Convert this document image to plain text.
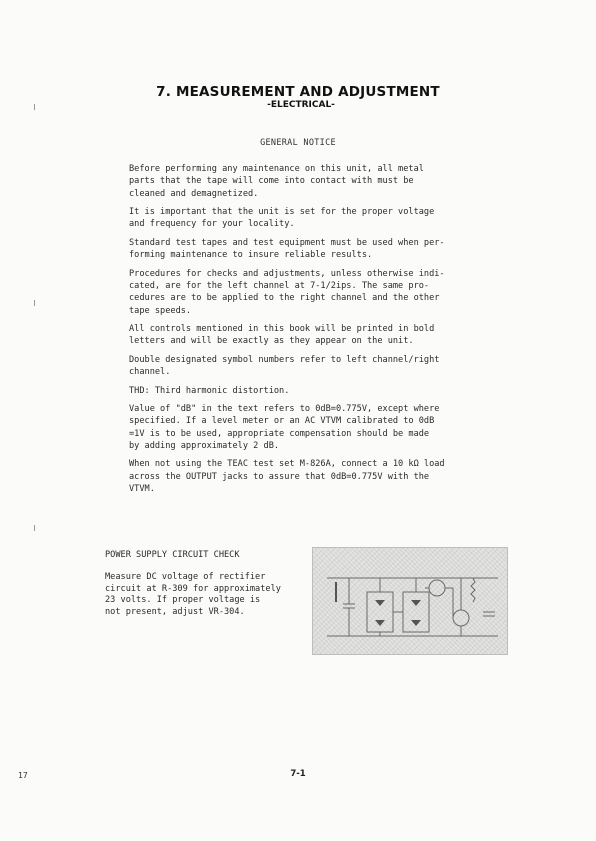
7. MEASUREMENT AND ADJUSTMENT
-ELECTRICAL-
GENERAL NOTICE

Before performing any maintenance on this unit, all metal
parts that the tape will come into contact with must be
cleaned and demagnetized.

It is important that the unit is set for the proper voltage
and frequency for your locality.

Standard test tapes and test equipment must be used when per-
forming maintenance to insure reliable results.

Procedures for checks and adjustments, unless otherwise indi-
cated, are for the left channel at 7-1/2ips. The same pro-
cedures are to be applied to the right channel and the other
tape speeds.

All controls mentioned in this book will be printed in bold
letters and will be exactly as they appear on the unit.

Double designated symbol numbers refer to left channel/right
channel.

THD: Third harmonic distortion.

Value of "dB" in the text refers to 0dB=0.775V, except where
specified. If a level meter or an AC VTVM calibrated to 0dB
=1V is to be used, appropriate compensation should be made
by adding approximately 2 dB.

When not using the TEAC test set M-826A, connect a 10 kΩ load
across the OUTPUT jacks to assure that 0dB=0.775V with the
VTVM.

POWER SUPPLY CIRCUIT CHECK
Measure DC voltage of rectifier
circuit at R-309 for approximately
23 volts. If proper voltage is
not present, adjust VR-304.
17	7-1
